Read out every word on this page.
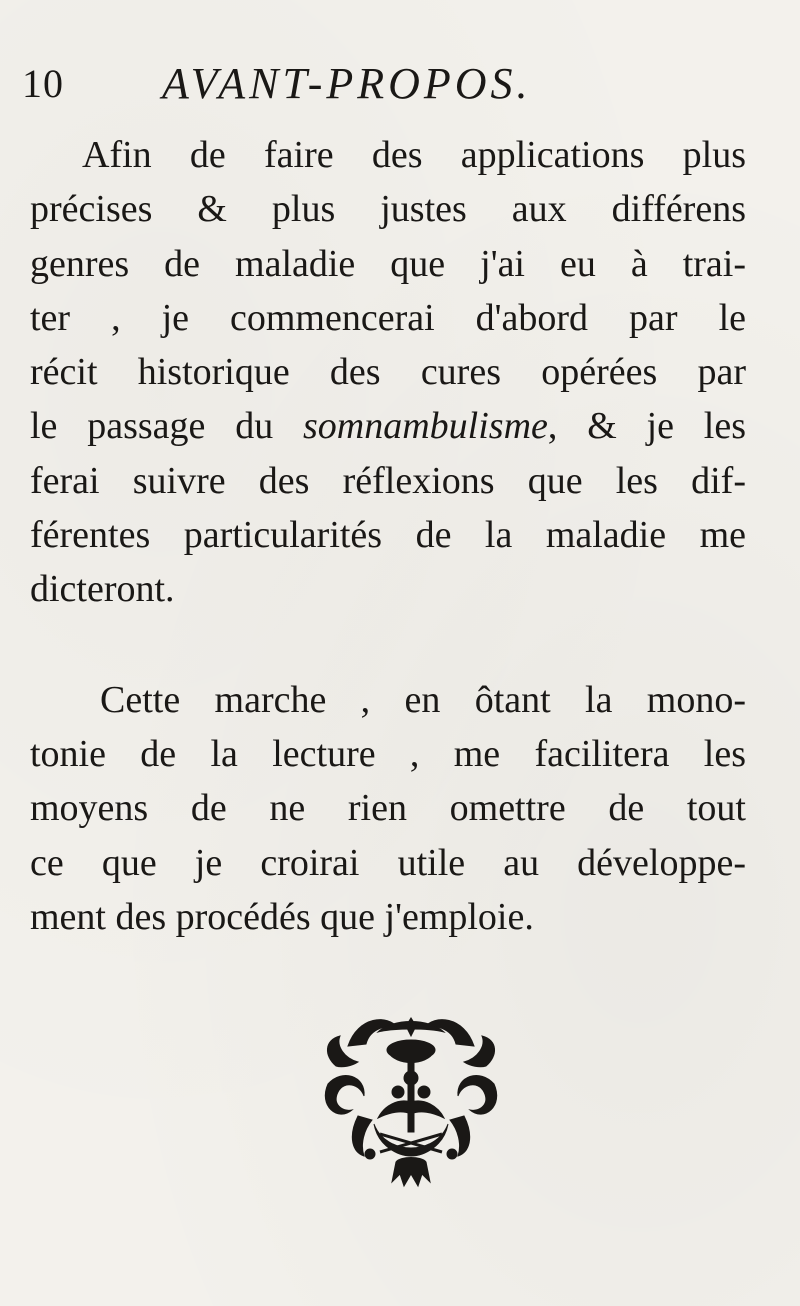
10 AVANT-PROPOS.

Afin de faire des applications plus
précises & plus justes aux différens
genres de maladie que j'ai eu à trai-
ter , je commencerai d'abord par le
récit historique des cures opérées par
le passage du somnambulisme, & je les
ferai suivre des réflexions que les dif-
férentes particularités de la maladie me
dicteront.

Cette marche , en ôtant la mono-
tonie de la lecture , me facilitera les
moyens de ne rien omettre de tout
ce que je croirai utile au développe-
ment des procédés que j'emploie.
